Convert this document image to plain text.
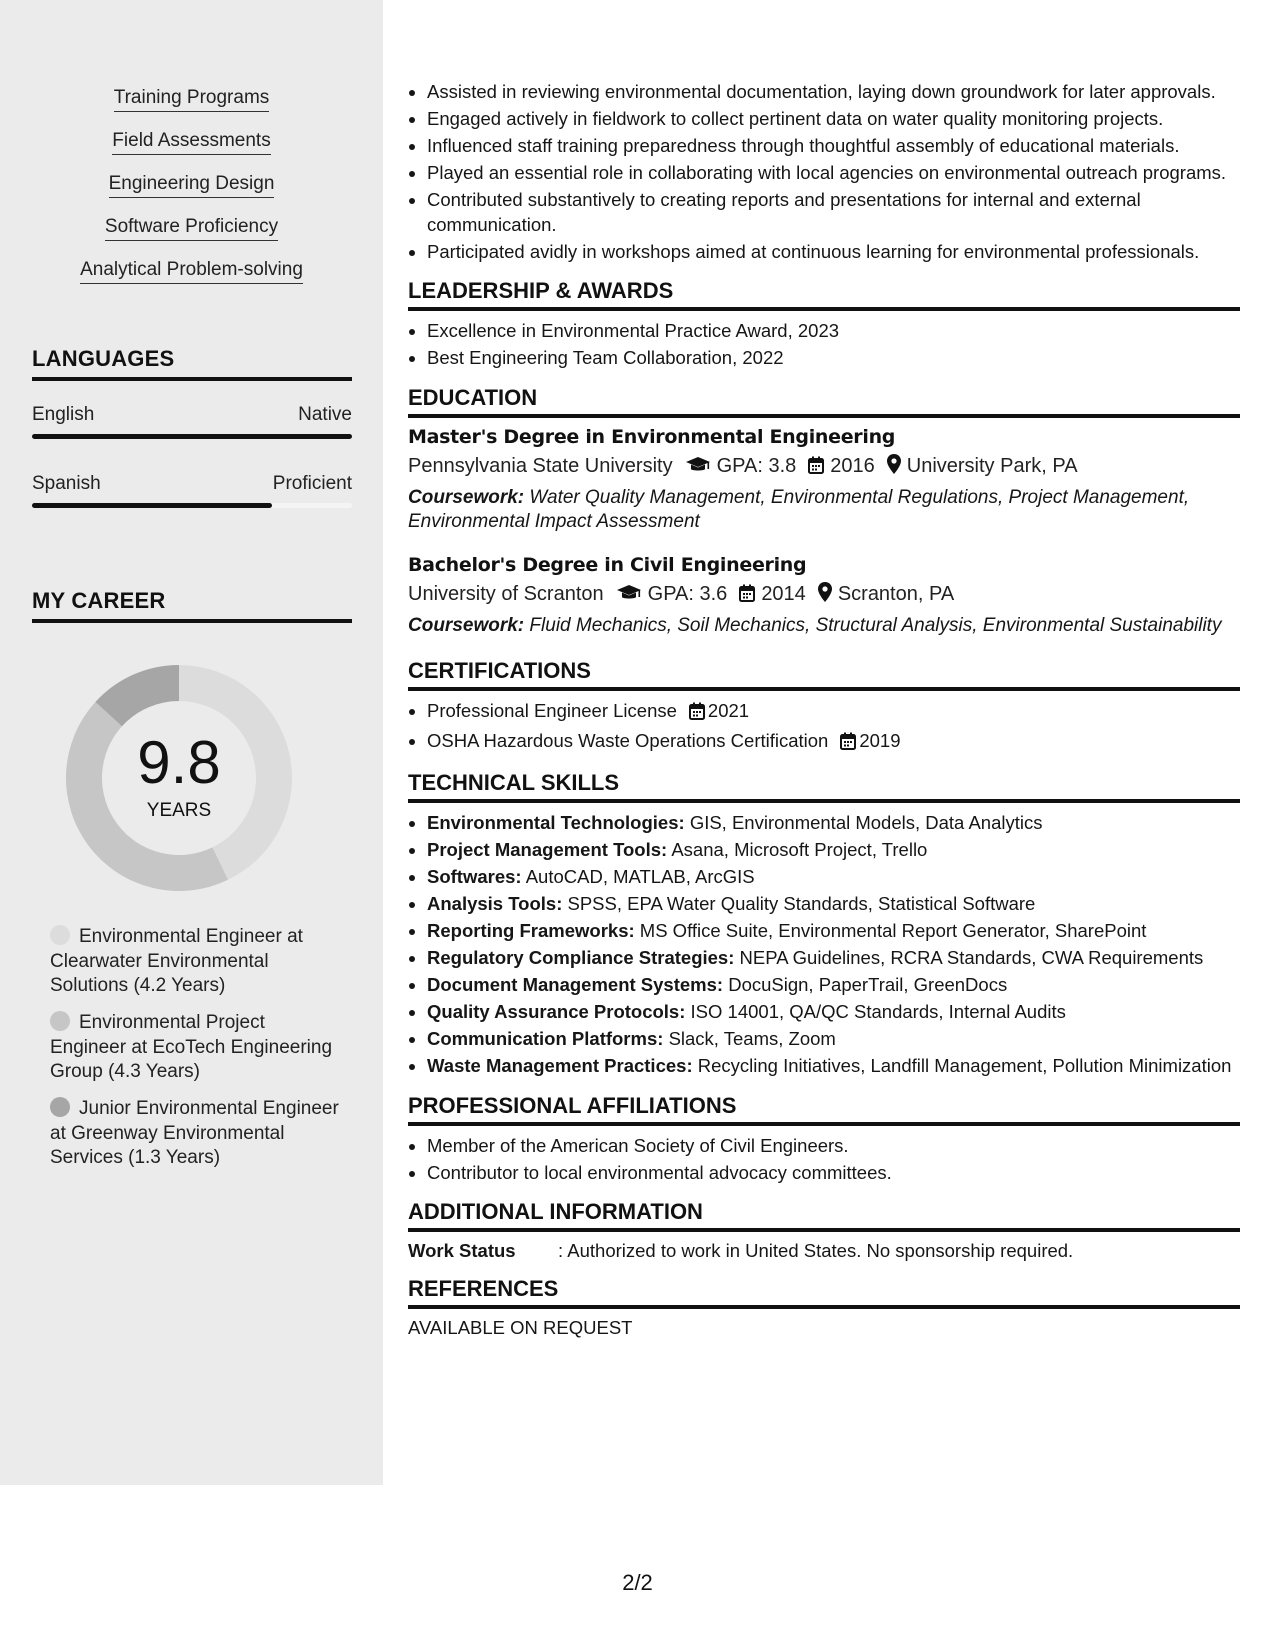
Training Programs
Field Assessments
Engineering Design
Software Proficiency
Analytical Problem-solving
LANGUAGES
English	Native
Spanish	Proficient
MY CAREER
9.8
YEARS
Environmental Engineer at Clearwater Environmental Solutions (4.2 Years)
Environmental Project Engineer at EcoTech Engineering Group (4.3 Years)
Junior Environmental Engineer at Greenway Environmental Services (1.3 Years)
• Assisted in reviewing environmental documentation, laying down groundwork for later approvals.
• Engaged actively in fieldwork to collect pertinent data on water quality monitoring projects.
• Influenced staff training preparedness through thoughtful assembly of educational materials.
• Played an essential role in collaborating with local agencies on environmental outreach programs.
• Contributed substantively to creating reports and presentations for internal and external communication.
• Participated avidly in workshops aimed at continuous learning for environmental professionals.
LEADERSHIP & AWARDS
• Excellence in Environmental Practice Award, 2023
• Best Engineering Team Collaboration, 2022
EDUCATION
Master's Degree in Environmental Engineering
Pennsylvania State University GPA: 3.8 2016 University Park, PA
Coursework: Water Quality Management, Environmental Regulations, Project Management, Environmental Impact Assessment
Bachelor's Degree in Civil Engineering
University of Scranton GPA: 3.6 2014 Scranton, PA
Coursework: Fluid Mechanics, Soil Mechanics, Structural Analysis, Environmental Sustainability
CERTIFICATIONS
• Professional Engineer License 2021
• OSHA Hazardous Waste Operations Certification 2019
TECHNICAL SKILLS
• Environmental Technologies: GIS, Environmental Models, Data Analytics
• Project Management Tools: Asana, Microsoft Project, Trello
• Softwares: AutoCAD, MATLAB, ArcGIS
• Analysis Tools: SPSS, EPA Water Quality Standards, Statistical Software
• Reporting Frameworks: MS Office Suite, Environmental Report Generator, SharePoint
• Regulatory Compliance Strategies: NEPA Guidelines, RCRA Standards, CWA Requirements
• Document Management Systems: DocuSign, PaperTrail, GreenDocs
• Quality Assurance Protocols: ISO 14001, QA/QC Standards, Internal Audits
• Communication Platforms: Slack, Teams, Zoom
• Waste Management Practices: Recycling Initiatives, Landfill Management, Pollution Minimization
PROFESSIONAL AFFILIATIONS
• Member of the American Society of Civil Engineers.
• Contributor to local environmental advocacy committees.
ADDITIONAL INFORMATION
Work Status : Authorized to work in United States. No sponsorship required.
REFERENCES
AVAILABLE ON REQUEST
2/2
